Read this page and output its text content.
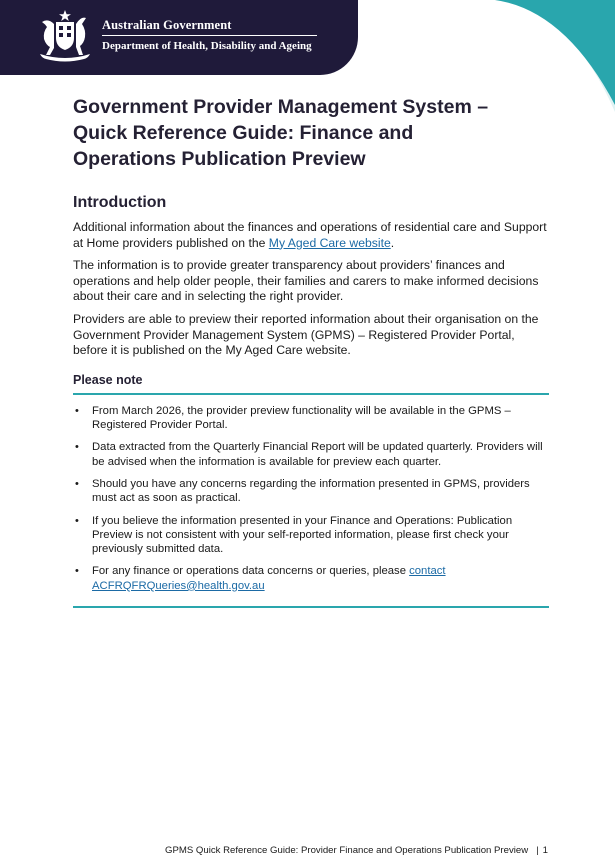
Australian Government
Department of Health, Disability and Ageing
Government Provider Management System –
Quick Reference Guide: Finance and
Operations Publication Preview
Introduction

Additional information about the finances and operations of residential care and Support at Home providers published on the My Aged Care website.

The information is to provide greater transparency about providers’ finances and operations and help older people, their families and carers to make informed decisions about their care and in selecting the right provider.

Providers are able to preview their reported information about their organisation on the Government Provider Management System (GPMS) – Registered Provider Portal, before it is published on the My Aged Care website.

Please note
• From March 2026, the provider preview functionality will be available in the GPMS – Registered Provider Portal.
• Data extracted from the Quarterly Financial Report will be updated quarterly. Providers will be advised when the information is available for preview each quarter.
• Should you have any concerns regarding the information presented in GPMS, providers must act as soon as practical.
• If you believe the information presented in your Finance and Operations: Publication Preview is not consistent with your self-reported information, please first check your previously submitted data.
• For any finance or operations data concerns or queries, please contact ACFRQFRQueries@health.gov.au
GPMS Quick Reference Guide: Provider Finance and Operations Publication Preview | 1
